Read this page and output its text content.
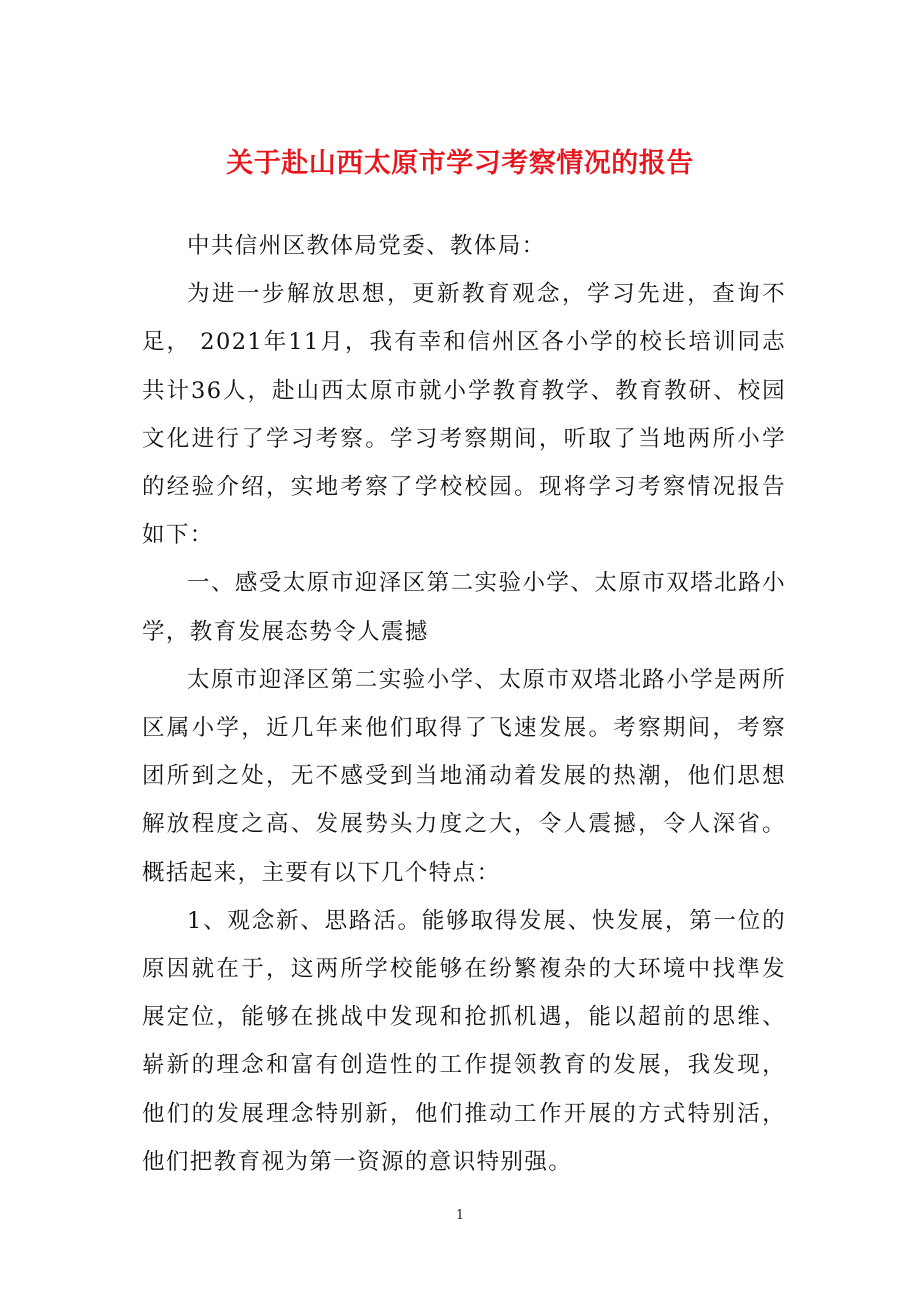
关于赴山西太原市学习考察情况的报告

中共信州区教体局党委、教体局：

为进一步解放思想，更新教育观念，学习先进，查询不足， 2021年11月，我有幸和信州区各小学的校长培训同志共计36人，赴山西太原市就小学教育教学、教育教研、校园文化进行了学习考察。学习考察期间，听取了当地两所小学的经验介绍，实地考察了学校校园。现将学习考察情况报告如下：

一、感受太原市迎泽区第二实验小学、太原市双塔北路小学，教育发展态势令人震撼

太原市迎泽区第二实验小学、太原市双塔北路小学是两所区属小学，近几年来他们取得了飞速发展。考察期间，考察团所到之处，无不感受到当地涌动着发展的热潮，他们思想解放程度之高、发展势头力度之大，令人震撼，令人深省。概括起来，主要有以下几个特点：

1、观念新、思路活。能够取得发展、快发展，第一位的原因就在于，这两所学校能够在纷繁複杂的大环境中找準发展定位，能够在挑战中发现和抢抓机遇，能以超前的思维、崭新的理念和富有创造性的工作提领教育的发展，我发现，他们的发展理念特别新，他们推动工作开展的方式特别活，他们把教育视为第一资源的意识特别强。

1
